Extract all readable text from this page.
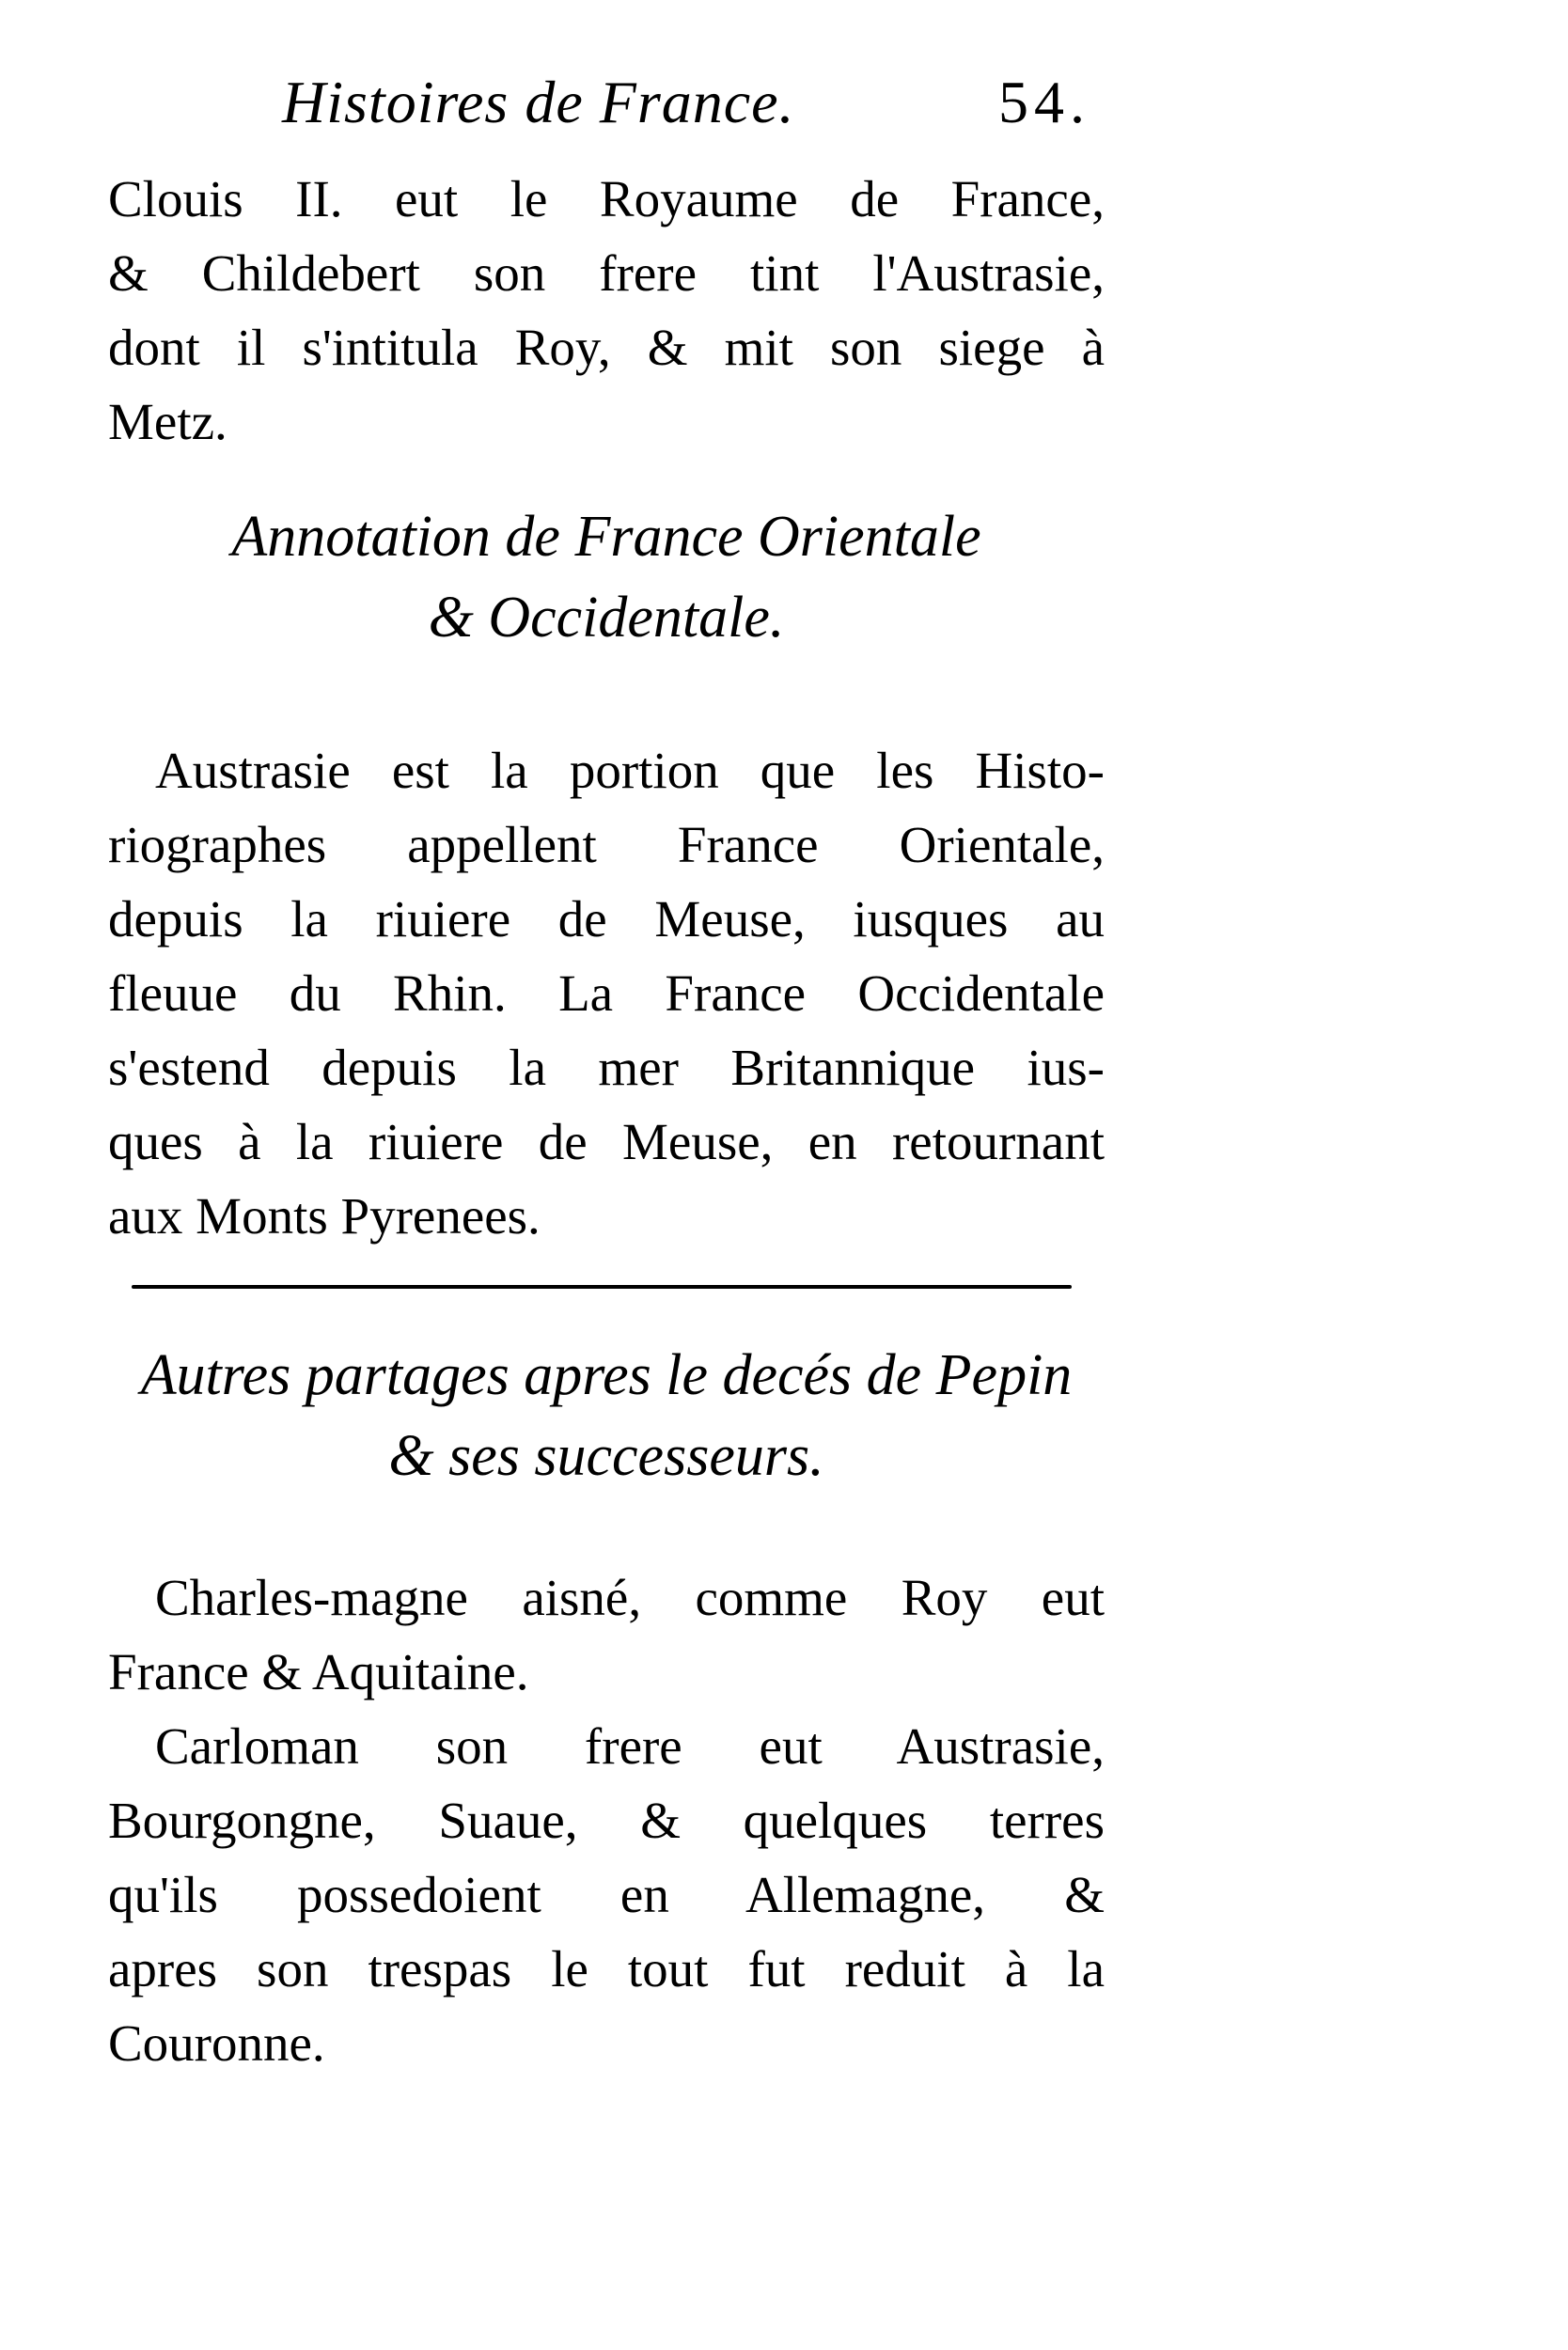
Histoires de France.	54.
Clouis II. eut le Royaume de France,
& Childebert son frere tint l'Austrasie,
dont il s'intitula Roy, & mit son siege à
Metz.
Annotation de France Orientale
& Occidentale.
Austrasie est la portion que les Histo-
riographes appellent France Orientale,
depuis la riuiere de Meuse, iusques au
fleuue du Rhin. La France Occidentale
s'estend depuis la mer Britannique ius-
ques à la riuiere de Meuse, en retournant
aux Monts Pyrenees.
Autres partages apres le decés de Pepin
& ses successeurs.
Charles-magne aisné, comme Roy eut
France & Aquitaine.
Carloman son frere eut Austrasie,
Bourgongne, Suaue, & quelques terres
qu'ils possedoient en Allemagne, &
apres son trespas le tout fut reduit à la
Couronne.
